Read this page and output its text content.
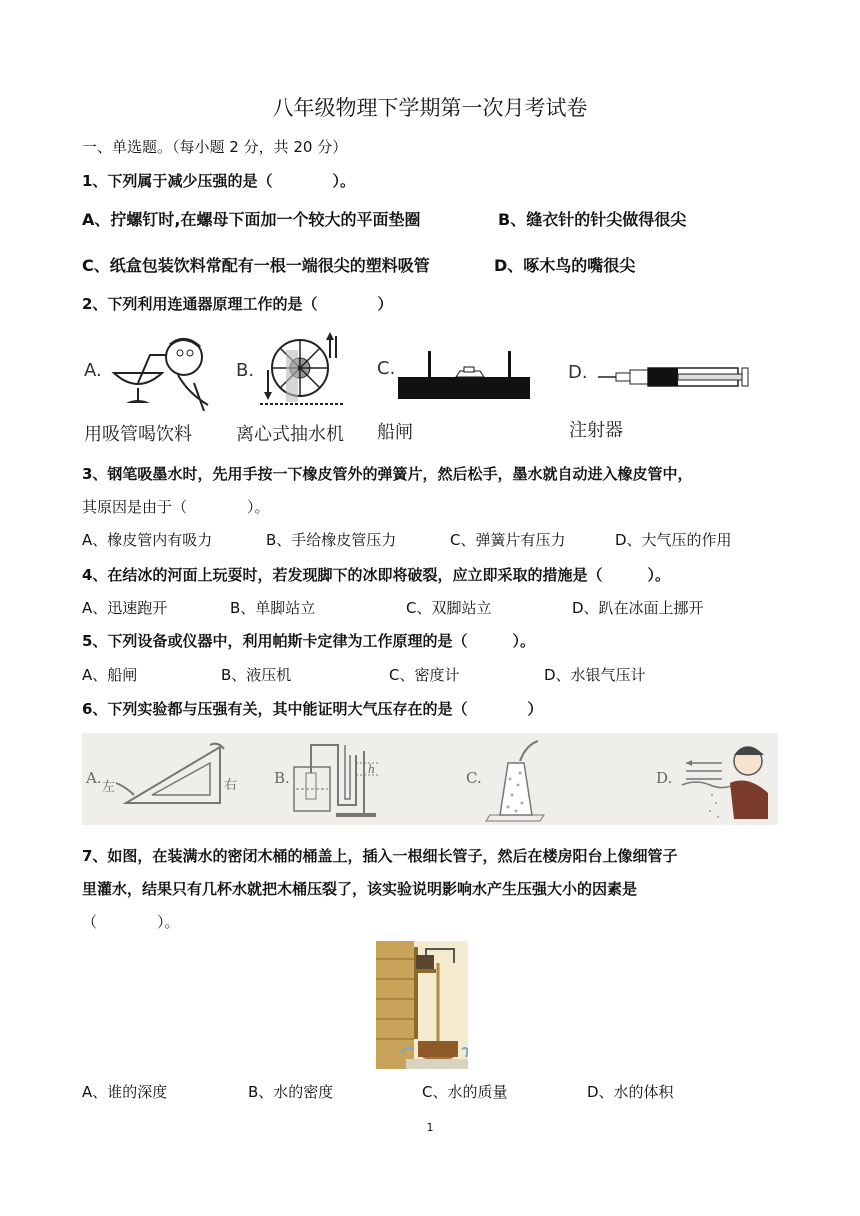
八年级物理下学期第一次月考试卷
一、单选题。（每小题 2 分，共 20 分）
1、下列属于减少压强的是（　　　　）。
A、拧螺钉时,在螺母下面加一个较大的平面垫圈	B、缝衣针的针尖做得很尖
C、纸盒包装饮料常配有一根一端很尖的塑料吸管	D、啄木鸟的嘴很尖
2、下列利用连通器原理工作的是（　　　　）
A.
用吸管喝饮料
B.
离心式抽水机
C.
船闸
D.
注射器
3、钢笔吸墨水时，先用手按一下橡皮管外的弹簧片，然后松手，墨水就自动进入橡皮管中，
其原因是由于（　　　　）。
A、橡皮管内有吸力	B、手给橡皮管压力	C、弹簧片有压力	D、大气压的作用
4、在结冰的河面上玩耍时，若发现脚下的冰即将破裂，应立即采取的措施是（　　　）。
A、迅速跑开	B、单脚站立	C、双脚站立	D、趴在冰面上挪开
5、下列设备或仪器中，利用帕斯卡定律为工作原理的是（　　　）。
A、船闸	B、液压机	C、密度计	D、水银气压计
6、下列实验都与压强有关，其中能证明大气压存在的是（　　　　）
A.
左	右 B.	h	C.	D.
7、如图，在装满水的密闭木桶的桶盖上，插入一根细长管子，然后在楼房阳台上像细管子
里灌水，结果只有几杯水就把木桶压裂了，该实验说明影响水产生压强大小的因素是
（　　　　）。
A、谁的深度	B、水的密度	C、水的质量	D、水的体积
1
